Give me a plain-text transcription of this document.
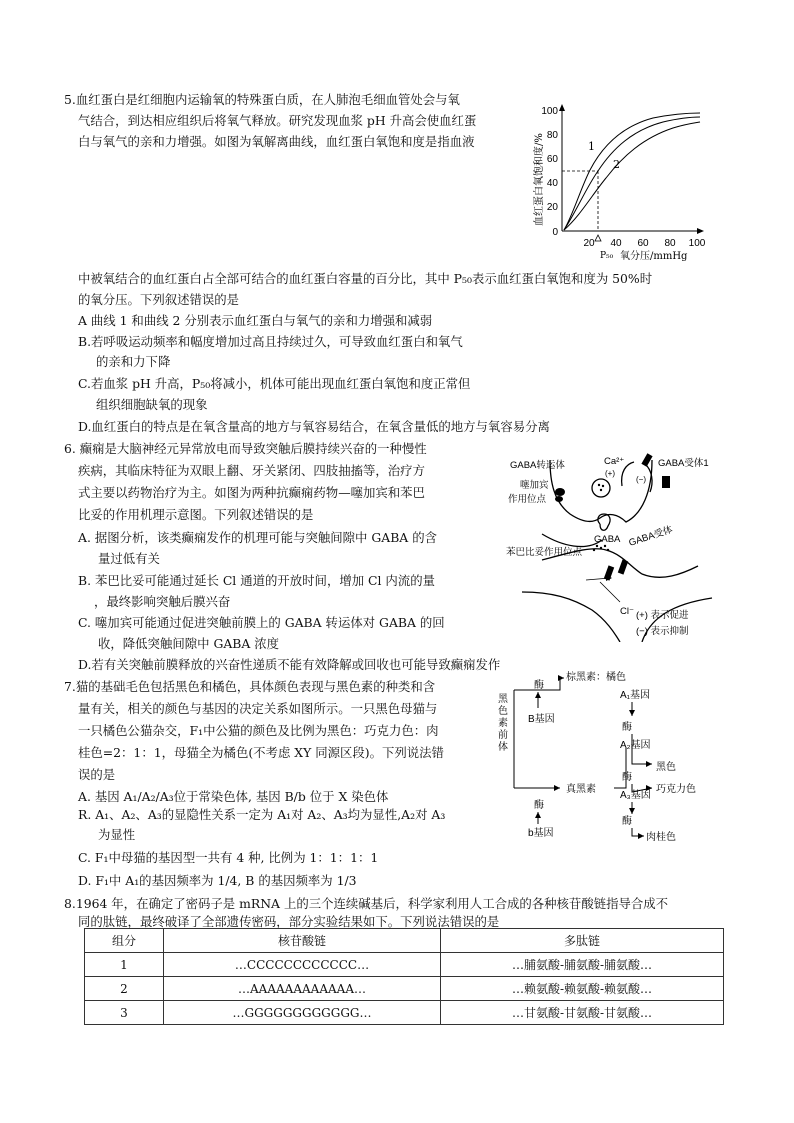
5.血红蛋白是红细胞内运输氧的特殊蛋白质，在人肺泡毛细血管处会与氧
气结合，到达相应组织后将氧气释放。研究发现血浆 pH 升高会使血红蛋
白与氧气的亲和力增强。如图为氧解离曲线，血红蛋白氧饱和度是指血液
100
80
60
40
20
0
20 40 60 80 100
P₅₀ 氧分压/mmHg
血红蛋白氧饱和度/%	1
2
中被氧结合的血红蛋白占全部可结合的血红蛋白容量的百分比，其中 P₅₀表示血红蛋白氧饱和度为 50%时
的氧分压。下列叙述错误的是
A 曲线 1 和曲线 2 分别表示血红蛋白与氧气的亲和力增强和减弱
B.若呼吸运动频率和幅度增加过高且持续过久，可导致血红蛋白和氧气
的亲和力下降
C.若血浆 pH 升高，P₅₀将减小，机体可能出现血红蛋白氧饱和度正常但
组织细胞缺氧的现象
D.血红蛋白的特点是在氧含量高的地方与氧容易结合，在氧含量低的地方与氧容易分离
6. 癫痫是大脑神经元异常放电而导致突触后膜持续兴奋的一种慢性
疾病，其临床特征为双眼上翻、牙关紧闭、四肢抽搐等，治疗方
式主要以药物治疗为主。如图为两种抗癫痫药物—噻加宾和苯巴
比妥的作用机理示意图。下列叙述错误的是
A. 据图分析，该类癫痫发作的机理可能与突触间隙中 GABA 的含
量过低有关
B. 苯巴比妥可能通过延长 Cl 通道的开放时间，增加 Cl 内流的量
，最终影响突触后膜兴奋
C. 噻加宾可能通过促进突触前膜上的 GABA 转运体对 GABA 的回
收，降低突触间隙中 GABA 浓度
D.若有关突触前膜释放的兴奋性递质不能有效降解或回收也可能导致癫痫发作
GABA转运体
噻加宾
作用位点
Ca²⁺
(+)
(−)
GABA受体1
GABA GABA受体
苯巴比妥作用位点
Cl⁻ (+) 表示促进
(−) 表示抑制
7.猫的基础毛色包括黑色和橘色，具体颜色表现与黑色素的种类和含
量有关，相关的颜色与基因的决定关系如图所示。一只黑色母猫与
一只橘色公猫杂交，F₁中公猫的颜色及比例为黑色：巧克力色：肉
桂色=2：1：1，母猫全为橘色(不考虑 XY 同源区段)。下列说法错
误的是
A. 基因 A₁/A₂/A₃位于常染色体, 基因 B/b 位于 X 染色体
R. A₁、A₂、A₃的显隐性关系一定为 A₁对 A₂、A₃均为显性,A₂对 A₃
为显性
C. F₁中母猫的基因型一共有 4 种, 比例为 1：1：1：1
D. F₁中 A₁的基因频率为 1/4, B 的基因频率为 1/3
黑
色
素
前
体
酶
B基因
棕黑素：橘色
A₁基因
酶
A₂基因
黑色
真黑素
酶
巧克力色
A₃基因
酶
b基因
酶
肉桂色
8.1964 年，在确定了密码子是 mRNA 上的三个连续碱基后，科学家利用人工合成的各种核苷酸链指导合成不
同的肽链，最终破译了全部遗传密码，部分实验结果如下。下列说法错误的是
组分	核苷酸链	多肽链
1	…CCCCCCCCCCCC…	…脯氨酸-脯氨酸-脯氨酸…
2	…AAAAAAAAAAAA…	…赖氨酸-赖氨酸-赖氨酸…
3	…GGGGGGGGGGGG…	…甘氨酸-甘氨酸-甘氨酸…
